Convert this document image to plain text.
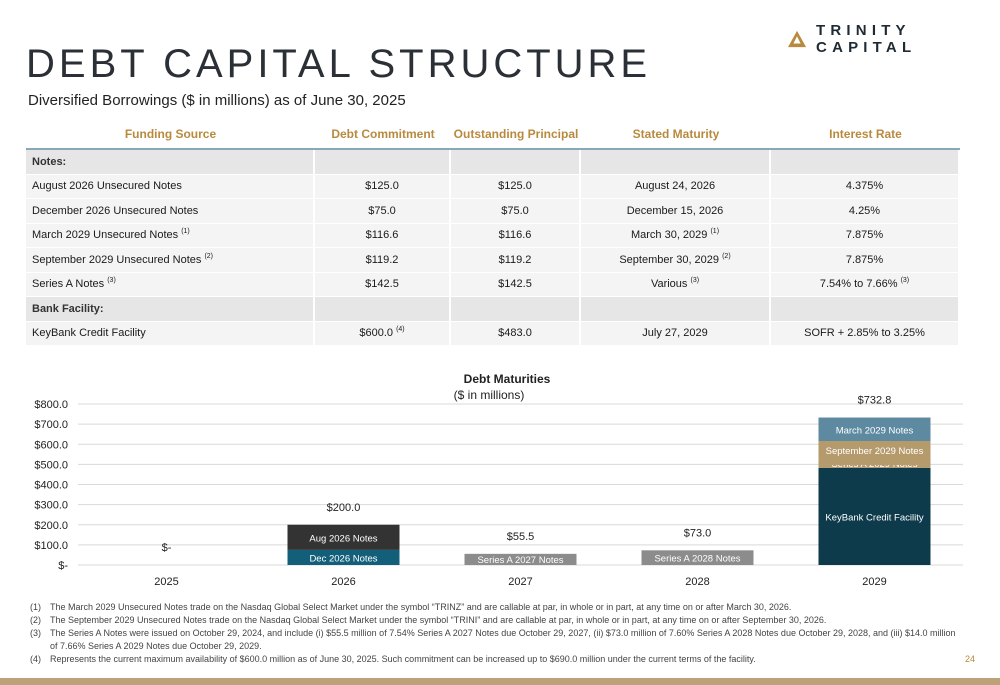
TRINITY CAPITAL
DEBT CAPITAL STRUCTURE
Diversified Borrowings ($ in millions) as of June 30, 2025
Funding Source	Debt Commitment	Outstanding Principal	Stated Maturity	Interest Rate
Notes:				
August 2026 Unsecured Notes	$125.0	$125.0	August 24, 2026	4.375%
December 2026 Unsecured Notes	$75.0	$75.0	December 15, 2026	4.25%
March 2029 Unsecured Notes $^{(1)}$	$116.6	$116.6	March 30, 2029 $^{(1)}$	7.875%
September 2029 Unsecured Notes $^{(2)}$	$119.2	$119.2	September 30, 2029 $^{(2)}$	7.875%
Series A Notes $^{(3)}$	$142.5	$142.5	Various $^{(3)}$	7.54% to 7.66% $^{(3)}$
Bank Facility:				
KeyBank Credit Facility	$600.0 $^{(4)}$	$483.0	July 27, 2029	SOFR + 2.85% to 3.25%
Debt Maturities
($ in millions)
$-
$100.0
$200.0
$300.0
$400.0
$500.0
$600.0
$700.0
$800.0
2025	2026	2027	2028	2029
Dec 2026 Notes
Aug 2026 Notes
Series A 2027 Notes	Series A 2028 Notes
KeyBank Credit Facility
September 2029 Notes
March 2029 Notes
$-
$200.0
$55.5	$73.0
$732.8
(1)	The March 2029 Unsecured Notes trade on the Nasdaq Global Select Market under the symbol “TRINZ” and are callable at par, in whole or in part, at any time on or after March 30, 2026.
(2)	The September 2029 Unsecured Notes trade on the Nasdaq Global Select Market under the symbol “TRINI” and are callable at par, in whole or in part, at any time on or after September 30, 2026.
(3)	The Series A Notes were issued on October 29, 2024, and include (i) $55.5 million of 7.54% Series A 2027 Notes due October 29, 2027, (ii) $73.0 million of 7.60% Series A 2028 Notes due October 29, 2028, and (iii) $14.0 million of 7.66% Series A 2029 Notes due October 29, 2029.
(4)	Represents the current maximum availability of $600.0 million as of June 30, 2025. Such commitment can be increased up to $690.0 million under the current terms of the facility.	24
